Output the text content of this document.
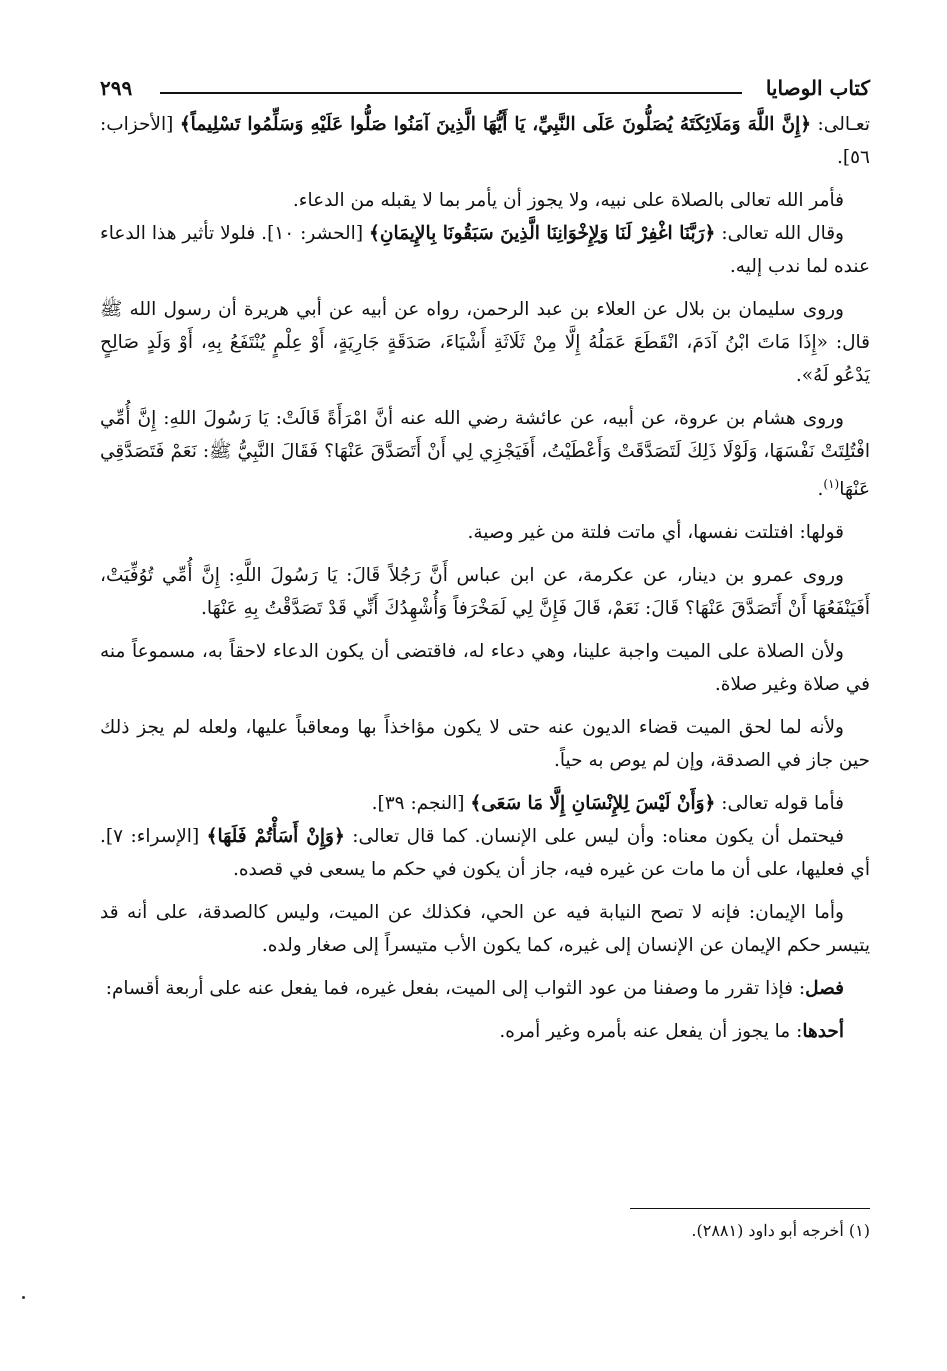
كتاب الوصايا
٢٩٩

تعـالى: ﴿إِنَّ اللَّهَ وَمَلَائِكَتَهُ يُصَلُّونَ عَلَى النَّبِيِّ، يَا أَيُّهَا الَّذِينَ آمَنُوا صَلُّوا عَلَيْهِ وَسَلِّمُوا تَسْلِيماً﴾ [الأحزاب: ٥٦].

فأمر الله تعالى بالصلاة على نبيه، ولا يجوز أن يأمر بما لا يقبله من الدعاء.

وقال الله تعالى: ﴿رَبَّنَا اغْفِرْ لَنَا وَلِإِخْوَانِنَا الَّذِينَ سَبَقُونَا بِالإِيمَانِ﴾ [الحشر: ١٠]. فلولا تأثير هذا الدعاء عنده لما ندب إليه.

وروى سليمان بن بلال عن العلاء بن عبد الرحمن، رواه عن أبيه عن أبي هريرة أن رسول الله ﷺ قال: «إِذَا مَاتَ ابْنُ آدَمَ، انْقَطَعَ عَمَلُهُ إِلَّا مِنْ ثَلَاثَةِ أَشْيَاءَ، صَدَقَةٍ جَارِيَةٍ، أَوْ عِلْمٍ يُنْتَفَعُ بِهِ، أَوْ وَلَدٍ صَالِحٍ يَدْعُو لَهُ».

وروى هشام بن عروة، عن أبيه، عن عائشة رضي الله عنه أنَّ امْرَأَةً قَالَتْ: يَا رَسُولَ اللهِ: إِنَّ أُمِّي افْتُلِتَتْ نَفْسَهَا، وَلَوْلَا ذَلِكَ لَتَصَدَّقَتْ وَأَعْطَيْتُ، أَفَيَجْزِي لِي أَنْ أَتَصَدَّقَ عَنْهَا؟ فَقَالَ النَّبِيُّ ﷺ: نَعَمْ فَتَصَدَّقِي عَنْهَا$^{(١)}$.

قولها: افتلتت نفسها، أي ماتت فلتة من غير وصية.

وروى عمرو بن دينار، عن عكرمة، عن ابن عباس أَنَّ رَجُلاً قَالَ: يَا رَسُولَ اللَّهِ: إِنَّ أُمِّي تُوُفِّيَتْ، أَفَيَنْفَعُهَا أَنْ أَتَصَدَّقَ عَنْهَا؟ قَالَ: نَعَمْ، قَالَ فَإِنَّ لِي لَمَخْرَفاً وَأُشْهِدُكَ أَنِّي قَدْ تَصَدَّقْتُ بِهِ عَنْهَا.

ولأن الصلاة على الميت واجبة علينا، وهي دعاء له، فاقتضى أن يكون الدعاء لاحقاً به، مسموعاً منه في صلاة وغير صلاة.

ولأنه لما لحق الميت قضاء الديون عنه حتى لا يكون مؤاخذاً بها ومعاقباً عليها، ولعله لم يجز ذلك حين جاز في الصدقة، وإن لم يوص به حياً.

فأما قوله تعالى: ﴿وَأَنْ لَيْسَ لِلإِنْسَانِ إِلَّا مَا سَعَى﴾ [النجم: ٣٩].

فيحتمل أن يكون معناه: وأن ليس على الإنسان. كما قال تعالى: ﴿وَإِنْ أَسَأْتُمْ فَلَهَا﴾ [الإسراء: ٧]. أي فعليها، على أن ما مات عن غيره فيه، جاز أن يكون في حكم ما يسعى في قصده.

وأما الإيمان: فإنه لا تصح النيابة فيه عن الحي، فكذلك عن الميت، وليس كالصدقة، على أنه قد يتيسر حكم الإيمان عن الإنسان إلى غيره، كما يكون الأب متيسراً إلى صغار ولده.

فصل: فإذا تقرر ما وصفنا من عود الثواب إلى الميت، بفعل غيره، فما يفعل عنه على أربعة أقسام:

أحدها: ما يجوز أن يفعل عنه بأمره وغير أمره.

(١) أخرجه أبو داود (٢٨٨١).
